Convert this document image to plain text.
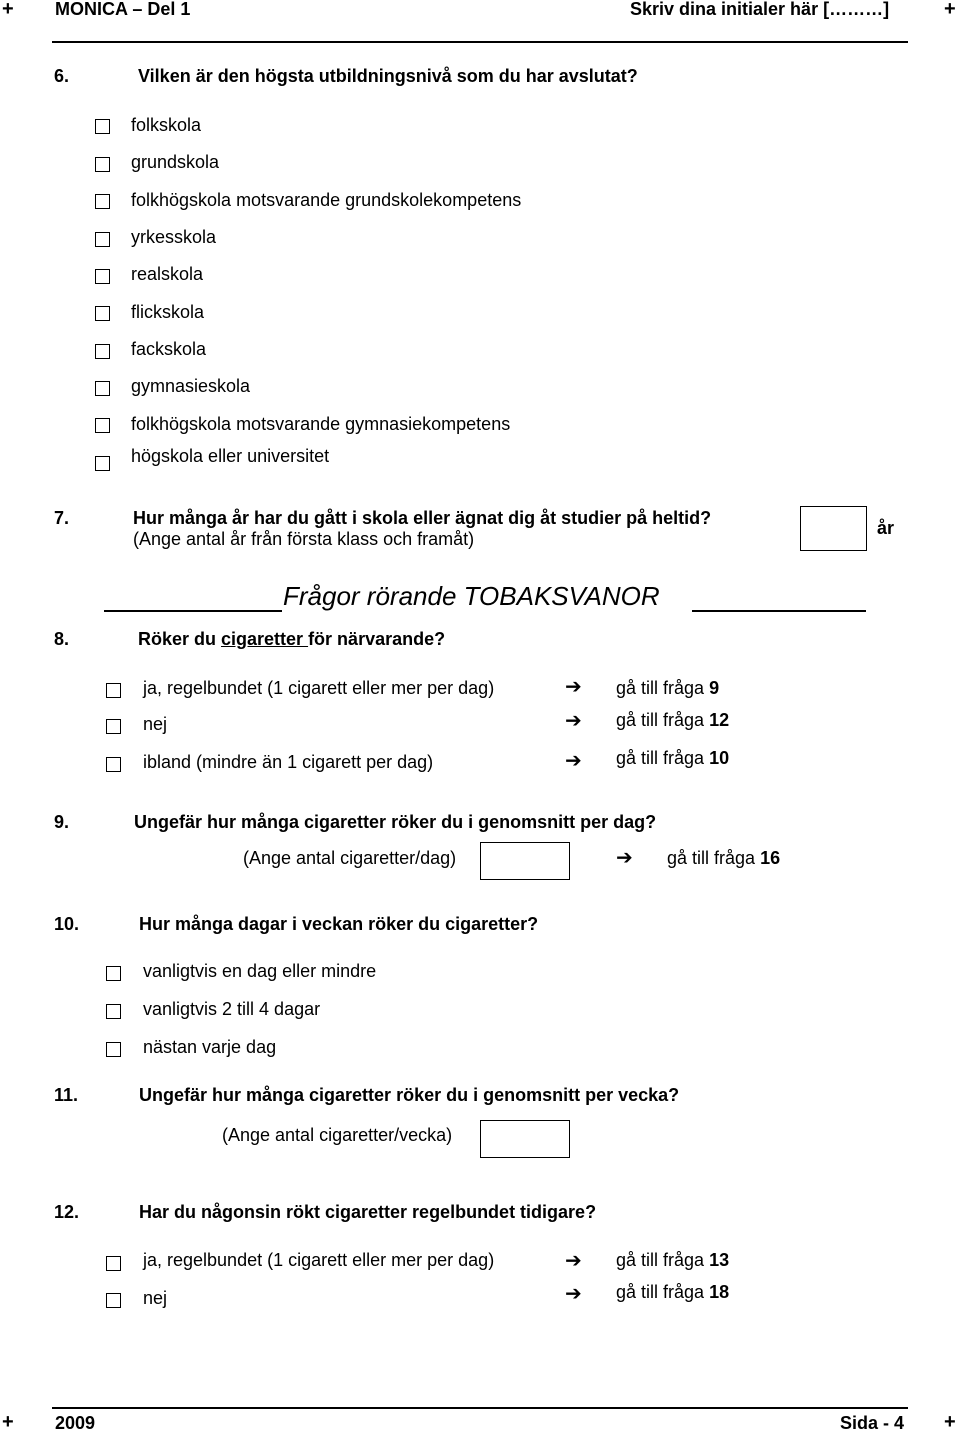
+ MONICA – Del 1	Skriv dina initialer här [………]	+
6.	Vilken är den högsta utbildningsnivå som du har avslutat?
folkskola
grundskola
folkhögskola motsvarande grundskolekompetens
yrkesskola
realskola
flickskola
fackskola
gymnasieskola
folkhögskola motsvarande gymnasiekompetens
högskola eller universitet
7.	Hur många år har du gått i skola eller ägnat dig åt studier på heltid?
(Ange antal år från första klass och framåt)
år
Frågor rörande TOBAKSVANOR
8.	Röker du cigaretter för närvarande?
ja, regelbundet (1 cigarett eller mer per dag)	➔ gå till fråga 9
nej	➔ gå till fråga 12
ibland (mindre än 1 cigarett per dag)	➔ gå till fråga 10
9.	Ungefär hur många cigaretter röker du i genomsnitt per dag?
(Ange antal cigaretter/dag)	➔ gå till fråga 16
10.	Hur många dagar i veckan röker du cigaretter?
vanligtvis en dag eller mindre
vanligtvis 2 till 4 dagar
nästan varje dag
11.	Ungefär hur många cigaretter röker du i genomsnitt per vecka?
(Ange antal cigaretter/vecka)
12.	Har du någonsin rökt cigaretter regelbundet tidigare?
ja, regelbundet (1 cigarett eller mer per dag)	➔ gå till fråga 13
nej	➔ gå till fråga 18
+ 2009	Sida - 4 +
